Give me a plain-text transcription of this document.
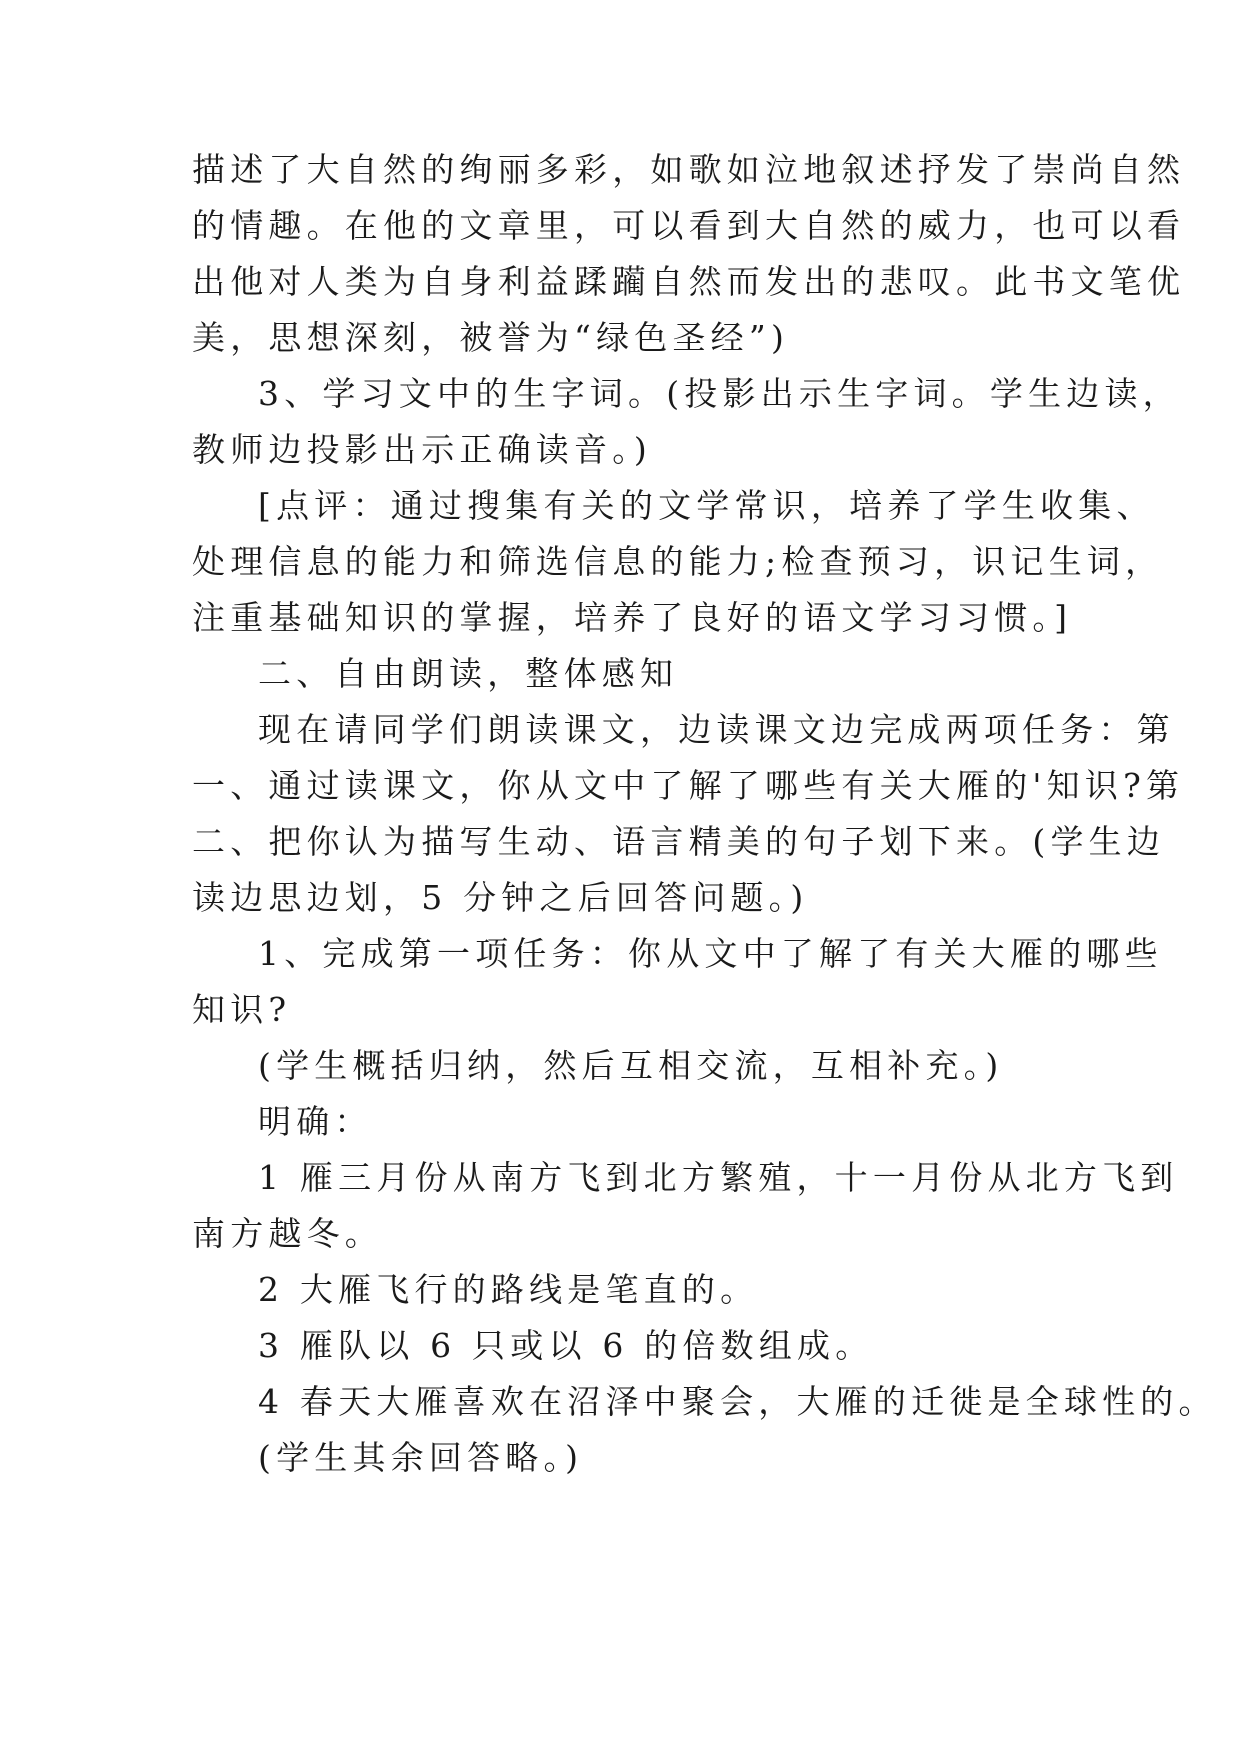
描述了大自然的绚丽多彩，如歌如泣地叙述抒发了崇尚自然
的情趣。在他的文章里，可以看到大自然的威力，也可以看
出他对人类为自身利益蹂躏自然而发出的悲叹。此书文笔优
美，思想深刻，被誉为“绿色圣经”)
3、学习文中的生字词。(投影出示生字词。学生边读，
教师边投影出示正确读音。)
[点评：通过搜集有关的文学常识，培养了学生收集、
处理信息的能力和筛选信息的能力;检查预习，识记生词，
注重基础知识的掌握，培养了良好的语文学习习惯。]
二、自由朗读，整体感知
现在请同学们朗读课文，边读课文边完成两项任务：第
一、通过读课文，你从文中了解了哪些有关大雁的'知识?第
二、把你认为描写生动、语言精美的句子划下来。(学生边
读边思边划，5 分钟之后回答问题。)
1、完成第一项任务：你从文中了解了有关大雁的哪些
知识?
(学生概括归纳，然后互相交流，互相补充。)
明确：
1 雁三月份从南方飞到北方繁殖，十一月份从北方飞到
南方越冬。
2 大雁飞行的路线是笔直的。
3 雁队以 6 只或以 6 的倍数组成。
4 春天大雁喜欢在沼泽中聚会，大雁的迁徙是全球性的。
(学生其余回答略。)
